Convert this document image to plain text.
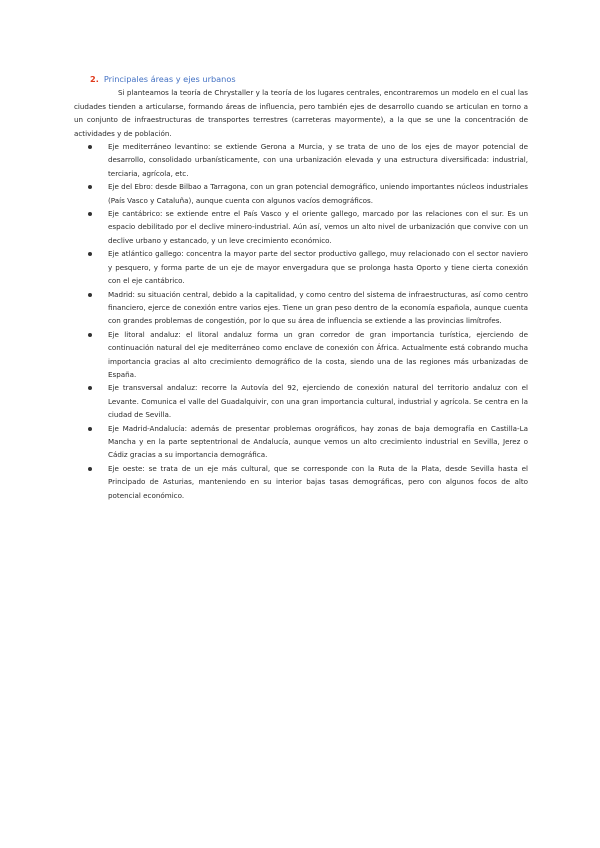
2. Principales áreas y ejes urbanos

Si planteamos la teoría de Chrystaller y la teoría de los lugares centrales, encontraremos un modelo en el cual las ciudades tienden a articularse, formando áreas de influencia, pero también ejes de desarrollo cuando se articulan en torno a un conjunto de infraestructuras de transportes terrestres (carreteras mayormente), a la que se une la concentración de actividades y de población.

Eje mediterráneo levantino: se extiende Gerona a Murcia, y se trata de uno de los ejes de mayor potencial de desarrollo, consolidado urbanísticamente, con una urbanización elevada y una estructura diversificada: industrial, terciaria, agrícola, etc.
Eje del Ebro: desde Bilbao a Tarragona, con un gran potencial demográfico, uniendo importantes núcleos industriales (País Vasco y Cataluña), aunque cuenta con algunos vacíos demográficos.
Eje cantábrico: se extiende entre el País Vasco y el oriente gallego, marcado por las relaciones con el sur. Es un espacio debilitado por el declive minero-industrial. Aún así, vemos un alto nivel de urbanización que convive con un declive urbano y estancado, y un leve crecimiento económico.
Eje atlántico gallego: concentra la mayor parte del sector productivo gallego, muy relacionado con el sector naviero y pesquero, y forma parte de un eje de mayor envergadura que se prolonga hasta Oporto y tiene cierta conexión con el eje cantábrico.
Madrid: su situación central, debido a la capitalidad, y como centro del sistema de infraestructuras, así como centro financiero, ejerce de conexión entre varios ejes. Tiene un gran peso dentro de la economía española, aunque cuenta con grandes problemas de congestión, por lo que su área de influencia se extiende a las provincias limítrofes.
Eje litoral andaluz: el litoral andaluz forma un gran corredor de gran importancia turística, ejerciendo de continuación natural del eje mediterráneo como enclave de conexión con África. Actualmente está cobrando mucha importancia gracias al alto crecimiento demográfico de la costa, siendo una de las regiones más urbanizadas de España.
Eje transversal andaluz: recorre la Autovía del 92, ejerciendo de conexión natural del territorio andaluz con el Levante. Comunica el valle del Guadalquivir, con una gran importancia cultural, industrial y agrícola. Se centra en la ciudad de Sevilla.
Eje Madrid-Andalucía: además de presentar problemas orográficos, hay zonas de baja demografía en Castilla-La Mancha y en la parte septentrional de Andalucía, aunque vemos un alto crecimiento industrial en Sevilla, Jerez o Cádiz gracias a su importancia demográfica.
Eje oeste: se trata de un eje más cultural, que se corresponde con la Ruta de la Plata, desde Sevilla hasta el Principado de Asturias, manteniendo en su interior bajas tasas demográficas, pero con algunos focos de alto potencial económico.
